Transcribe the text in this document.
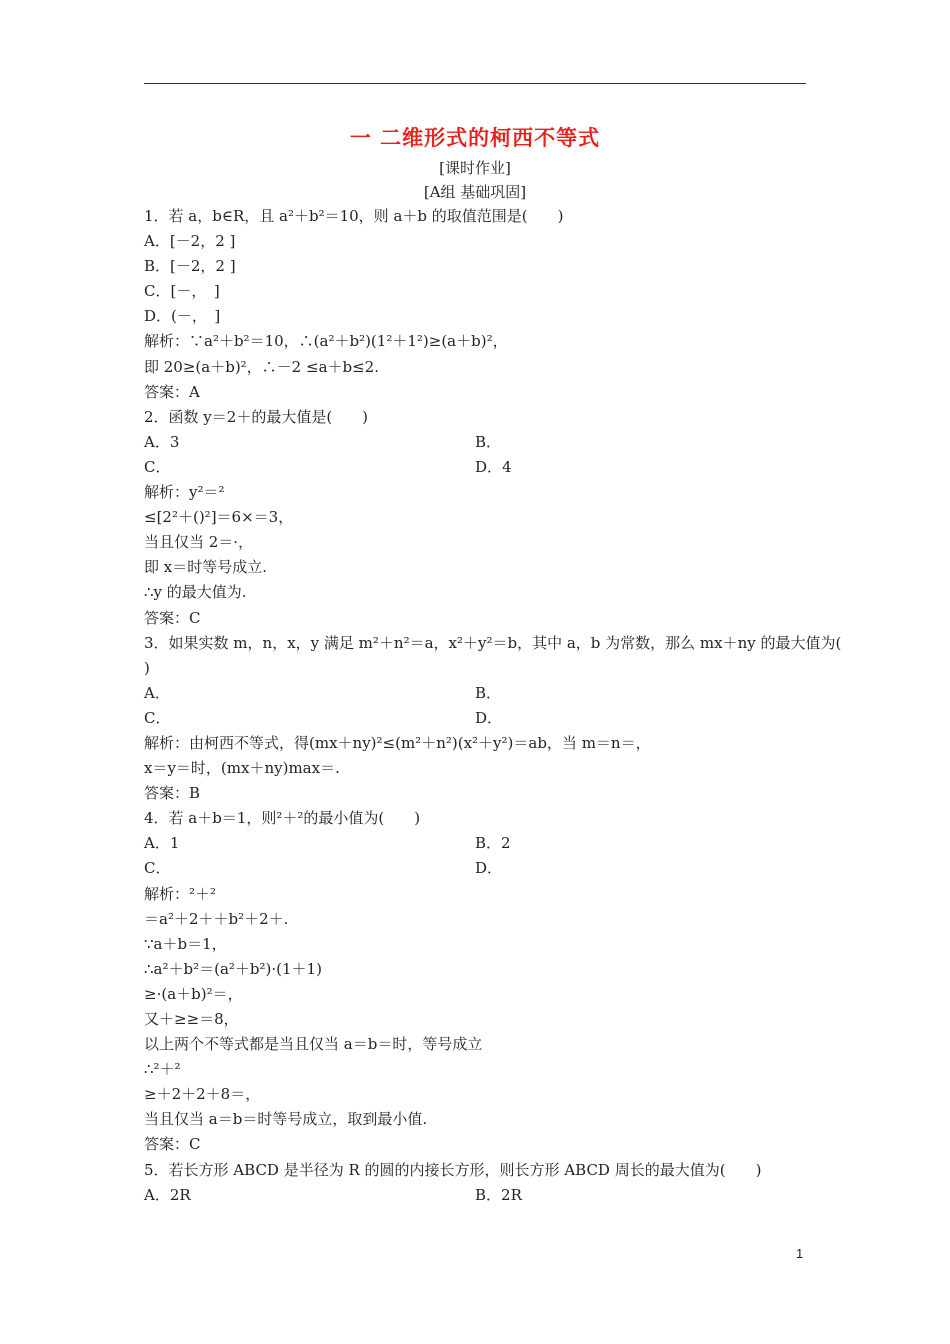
一 二维形式的柯西不等式
[课时作业]
[A组 基础巩固]
1．若 a，b∈R，且 a²＋b²＝10，则 a＋b 的取值范围是(　　)
A．[－2，2 ]
B．[－2，2 ]
C．[－，　]
D．(－，　]
解析：∵a²＋b²＝10，∴(a²＋b²)(1²＋1²)≥(a＋b)²，
即 20≥(a＋b)²，∴－2 ≤a＋b≤2.
答案：A
2．函数 y＝2＋的最大值是(　　)
A．3	B．
C．	D．4
解析：y²＝²
≤[2²＋()²]＝6×＝3，
当且仅当 2＝·，
即 x＝时等号成立.
∴y 的最大值为.
答案：C
3．如果实数 m，n，x，y 满足 m²＋n²＝a，x²＋y²＝b，其中 a，b 为常数，那么 mx＋ny 的最大值为(
)
A．	B．
C．	D．
解析：由柯西不等式，得(mx＋ny)²≤(m²＋n²)(x²＋y²)＝ab，当 m＝n＝，
x＝y＝时，(mx＋ny)max＝.
答案：B
4．若 a＋b＝1，则²＋²的最小值为(　　)
A．1	B．2
C．	D．
解析：²＋²
＝a²＋2＋＋b²＋2＋.
∵a＋b＝1，
∴a²＋b²＝(a²＋b²)·(1＋1)
≥·(a＋b)²＝，
又＋≥≥＝8，
以上两个不等式都是当且仅当 a＝b＝时，等号成立
∴²＋²
≥＋2＋2＋8＝，
当且仅当 a＝b＝时等号成立，取到最小值.
答案：C
5．若长方形 ABCD 是半径为 R 的圆的内接长方形，则长方形 ABCD 周长的最大值为(　　)
A．2R	B．2R
1
